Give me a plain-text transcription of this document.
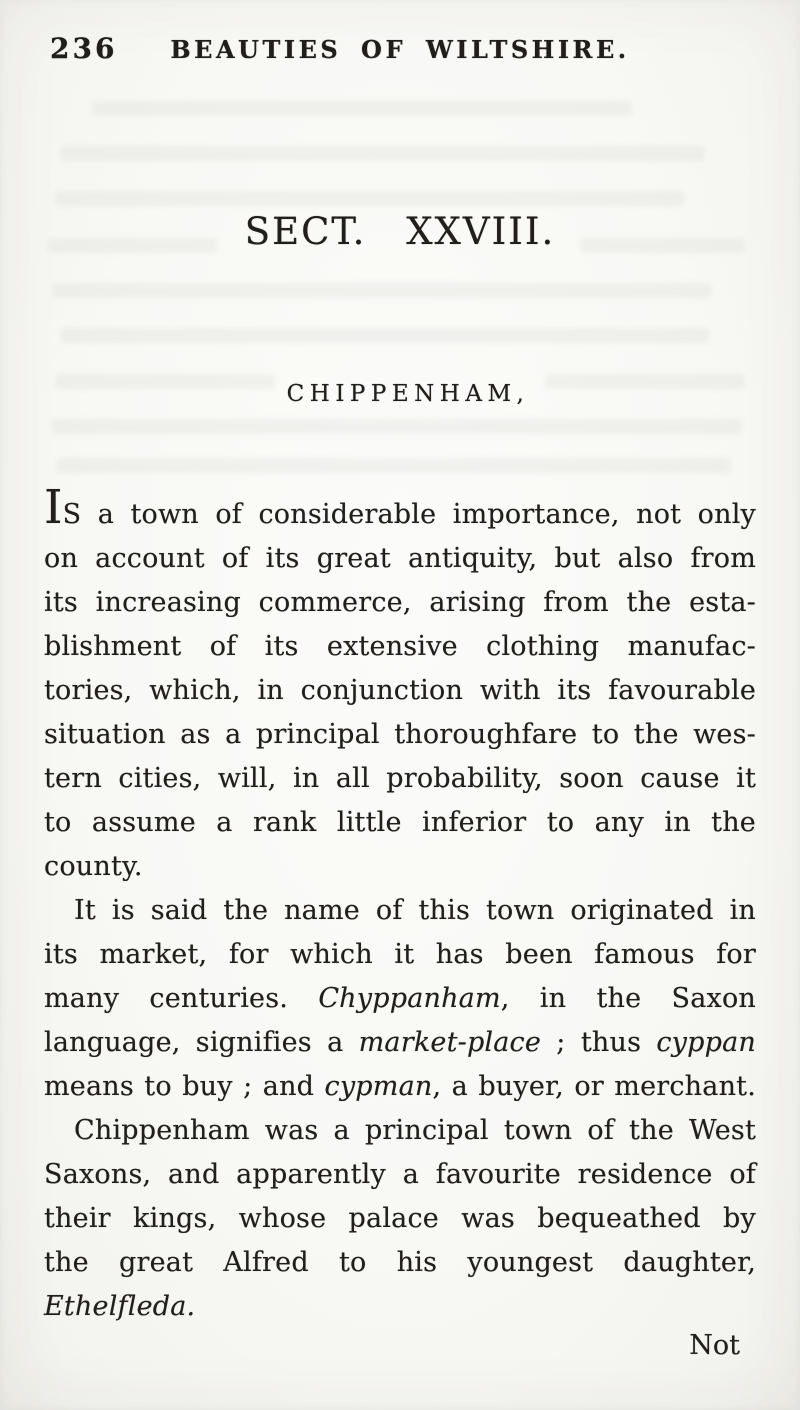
236	BEAUTIES OF WILTSHIRE.
SECT. XXVIII.
CHIPPENHAM,
IS a town of considerable importance, not only
on account of its great antiquity, but also from
its increasing commerce, arising from the esta-
blishment of its extensive clothing manufac-
tories, which, in conjunction with its favourable
situation as a principal thoroughfare to the wes-
tern cities, will, in all probability, soon cause it
to assume a rank little inferior to any in the
county.
It is said the name of this town originated in
its market, for which it has been famous for
many centuries. Chyppanham, in the Saxon
language, signifies a market-place ; thus cyppan
means to buy ; and cypman, a buyer, or merchant.
Chippenham was a principal town of the West
Saxons, and apparently a favourite residence of
their kings, whose palace was bequeathed by
the great Alfred to his youngest daughter,
Ethelfleda.
Not
